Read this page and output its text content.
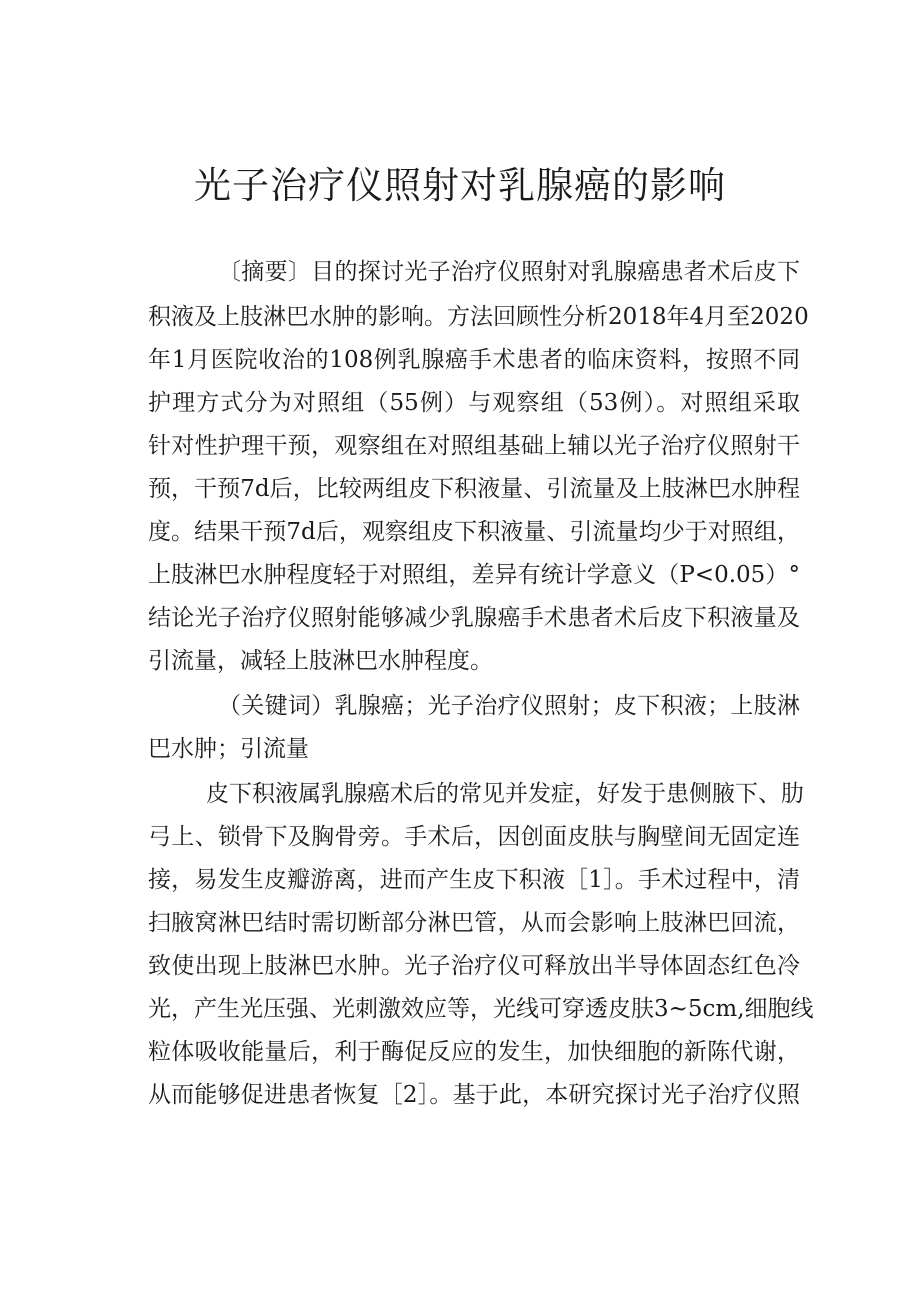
光子治疗仪照射对乳腺癌的影响

〔摘要〕目的探讨光子治疗仪照射对乳腺癌患者术后皮下

积液及上肢淋巴水肿的影响。方法回顾性分析2018年4月至2020

年1月医院收治的108例乳腺癌手术患者的临床资料，按照不同

护理方式分为对照组（55例）与观察组（53例）。对照组采取

针对性护理干预，观察组在对照组基础上辅以光子治疗仪照射干

预，干预7d后，比较两组皮下积液量、引流量及上肢淋巴水肿程

度。结果干预7d后，观察组皮下积液量、引流量均少于对照组，

上肢淋巴水肿程度轻于对照组，差异有统计学意义（P<0.05）°

结论光子治疗仪照射能够减少乳腺癌手术患者术后皮下积液量及

引流量，减轻上肢淋巴水肿程度。

（关键词）乳腺癌；光子治疗仪照射；皮下积液；上肢淋

巴水肿；引流量

皮下积液属乳腺癌术后的常见并发症，好发于患侧腋下、肋

弓上、锁骨下及胸骨旁。手术后，因创面皮肤与胸壁间无固定连

接，易发生皮瓣游离，进而产生皮下积液［1］。手术过程中，清

扫腋窝淋巴结时需切断部分淋巴管，从而会影响上肢淋巴回流，

致使出现上肢淋巴水肿。光子治疗仪可释放出半导体固态红色冷

光，产生光压强、光刺激效应等，光线可穿透皮肤3~5cm,细胞线

粒体吸收能量后，利于酶促反应的发生，加快细胞的新陈代谢，

从而能够促进患者恢复［2］。基于此，本研究探讨光子治疗仪照
